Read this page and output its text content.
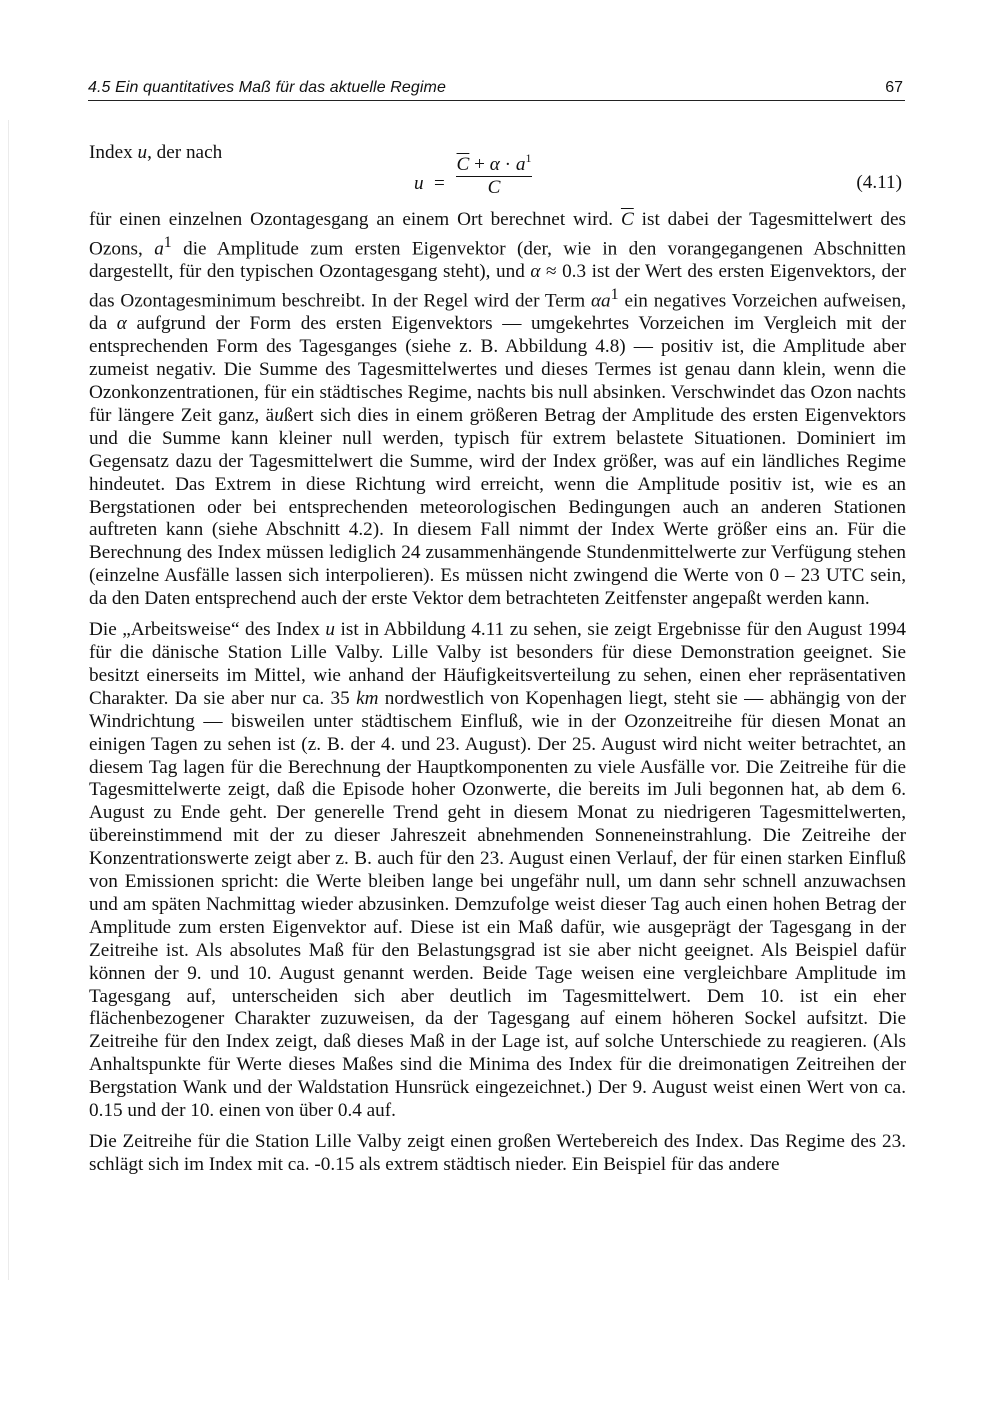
4.5 Ein quantitatives Maß für das aktuelle Regime	67

Index u, der nach

$u = \frac{\overline{C} + \alpha \cdot a^1}{C}$	(4.11)

für einen einzelnen Ozontagesgang an einem Ort berechnet wird. $\overline{C}$ ist dabei der Tagesmittelwert des Ozons, $a^1$ die Amplitude zum ersten Eigenvektor (der, wie in den vorangegangenen Abschnitten dargestellt, für den typischen Ozontagesgang steht), und α ≈ 0.3 ist der Wert des ersten Eigenvektors, der das Ozontagesminimum beschreibt. In der Regel wird der Term $\alpha a^1$ ein negatives Vorzeichen aufweisen, da α aufgrund der Form des ersten Eigenvektors — umgekehrtes Vorzeichen im Vergleich mit der entsprechenden Form des Tagesganges (siehe z. B. Abbildung 4.8) — positiv ist, die Amplitude aber zumeist negativ. Die Summe des Tagesmittelwertes und dieses Termes ist genau dann klein, wenn die Ozonkonzentrationen, für ein städtisches Regime, nachts bis null absinken. Verschwindet das Ozon nachts für längere Zeit ganz, äußert sich dies in einem größeren Betrag der Amplitude des ersten Eigenvektors und die Summe kann kleiner null werden, typisch für extrem belastete Situationen. Dominiert im Gegensatz dazu der Tagesmittelwert die Summe, wird der Index größer, was auf ein ländliches Regime hindeutet. Das Extrem in diese Richtung wird erreicht, wenn die Amplitude positiv ist, wie es an Bergstationen oder bei entsprechenden meteorologischen Bedingungen auch an anderen Stationen auftreten kann (siehe Abschnitt 4.2). In diesem Fall nimmt der Index Werte größer eins an. Für die Berechnung des Index müssen lediglich 24 zusammenhängende Stundenmittelwerte zur Verfügung stehen (einzelne Ausfälle lassen sich interpolieren). Es müssen nicht zwingend die Werte von 0 – 23 UTC sein, da den Daten entsprechend auch der erste Vektor dem betrachteten Zeitfenster angepaßt werden kann.

Die „Arbeitsweise“ des Index u ist in Abbildung 4.11 zu sehen, sie zeigt Ergebnisse für den August 1994 für die dänische Station Lille Valby. Lille Valby ist besonders für diese Demonstration geeignet. Sie besitzt einerseits im Mittel, wie anhand der Häufigkeitsverteilung zu sehen, einen eher repräsentativen Charakter. Da sie aber nur ca. 35 km nordwestlich von Kopenhagen liegt, steht sie — abhängig von der Windrichtung — bisweilen unter städtischem Einfluß, wie in der Ozonzeitreihe für diesen Monat an einigen Tagen zu sehen ist (z. B. der 4. und 23. August). Der 25. August wird nicht weiter betrachtet, an diesem Tag lagen für die Berechnung der Hauptkomponenten zu viele Ausfälle vor. Die Zeitreihe für die Tagesmittelwerte zeigt, daß die Episode hoher Ozonwerte, die bereits im Juli begonnen hat, ab dem 6. August zu Ende geht. Der generelle Trend geht in diesem Monat zu niedrigeren Tagesmittelwerten, übereinstimmend mit der zu dieser Jahreszeit abnehmenden Sonneneinstrahlung. Die Zeitreihe der Konzentrationswerte zeigt aber z. B. auch für den 23. August einen Verlauf, der für einen starken Einfluß von Emissionen spricht: die Werte bleiben lange bei ungefähr null, um dann sehr schnell anzuwachsen und am späten Nachmittag wieder abzusinken. Demzufolge weist dieser Tag auch einen hohen Betrag der Amplitude zum ersten Eigenvektor auf. Diese ist ein Maß dafür, wie ausgeprägt der Tagesgang in der Zeitreihe ist. Als absolutes Maß für den Belastungsgrad ist sie aber nicht geeignet. Als Beispiel dafür können der 9. und 10. August genannt werden. Beide Tage weisen eine vergleichbare Amplitude im Tagesgang auf, unterscheiden sich aber deutlich im Tagesmittelwert. Dem 10. ist ein eher flächenbezogener Charakter zuzuweisen, da der Tagesgang auf einem höheren Sockel aufsitzt. Die Zeitreihe für den Index zeigt, daß dieses Maß in der Lage ist, auf solche Unterschiede zu reagieren. (Als Anhaltspunkte für Werte dieses Maßes sind die Minima des Index für die dreimonatigen Zeitreihen der Bergstation Wank und der Waldstation Hunsrück eingezeichnet.) Der 9. August weist einen Wert von ca. 0.15 und der 10. einen von über 0.4 auf.

Die Zeitreihe für die Station Lille Valby zeigt einen großen Wertebereich des Index. Das Regime des 23. schlägt sich im Index mit ca. -0.15 als extrem städtisch nieder. Ein Beispiel für das andere
